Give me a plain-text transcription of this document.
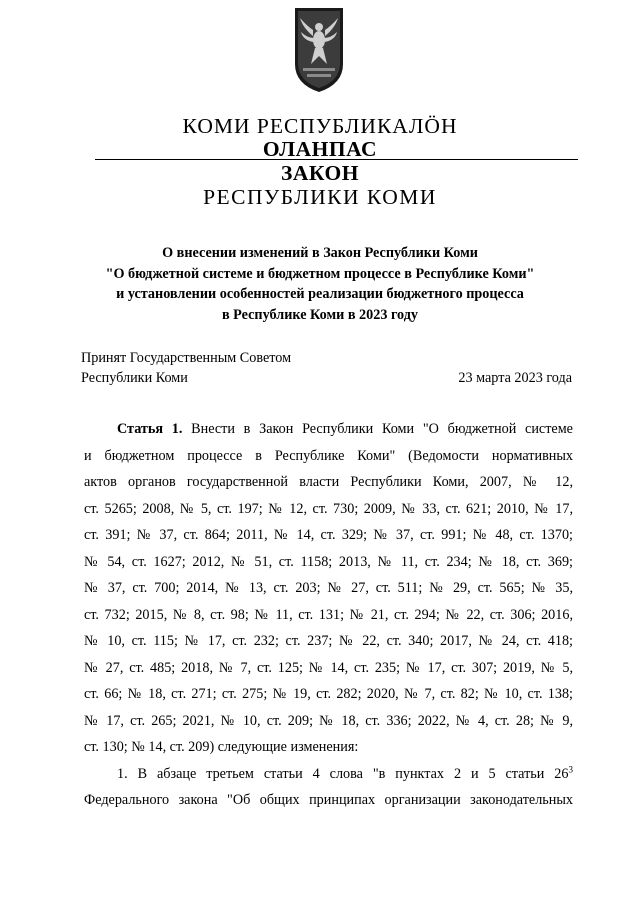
КОМИ РЕСПУБЛИКАЛÖН
ОЛАНПАС
ЗАКОН
РЕСПУБЛИКИ КОМИ
О внесении изменений в Закон Республики Коми
"О бюджетной системе и бюджетном процессе в Республике Коми"
и установлении особенностей реализации бюджетного процесса
в Республике Коми в 2023 году
Принят Государственным Советом
Республики Коми	23 марта 2023 года
Статья 1. Внести в Закон Республики Коми "О бюджетной системе
и бюджетном процессе в Республике Коми" (Ведомости нормативных
актов органов государственной власти Республики Коми, 2007, № 12,
ст. 5265; 2008, № 5, ст. 197; № 12, ст. 730; 2009, № 33, ст. 621; 2010, № 17,
ст. 391; № 37, ст. 864; 2011, № 14, ст. 329; № 37, ст. 991; № 48, ст. 1370;
№ 54, ст. 1627; 2012, № 51, ст. 1158; 2013, № 11, ст. 234; № 18, ст. 369;
№ 37, ст. 700; 2014, № 13, ст. 203; № 27, ст. 511; № 29, ст. 565; № 35,
ст. 732; 2015, № 8, ст. 98; № 11, ст. 131; № 21, ст. 294; № 22, ст. 306; 2016,
№ 10, ст. 115; № 17, ст. 232; ст. 237; № 22, ст. 340; 2017, № 24, ст. 418;
№ 27, ст. 485; 2018, № 7, ст. 125; № 14, ст. 235; № 17, ст. 307; 2019, № 5,
ст. 66; № 18, ст. 271; ст. 275; № 19, ст. 282; 2020, № 7, ст. 82; № 10, ст. 138;
№ 17, ст. 265; 2021, № 10, ст. 209; № 18, ст. 336; 2022, № 4, ст. 28; № 9,
ст. 130; № 14, ст. 209) следующие изменения:
1. В абзаце третьем статьи 4 слова "в пунктах 2 и 5 статьи $26^3$
Федерального закона "Об общих принципах организации законодательных
